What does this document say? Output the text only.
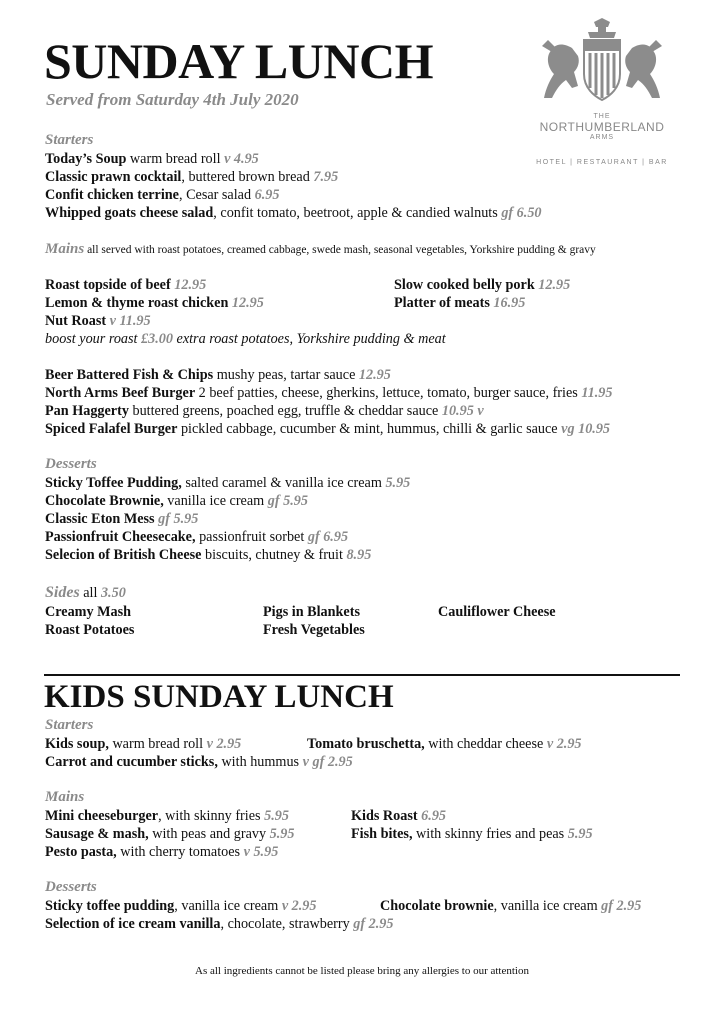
SUNDAY LUNCH
Served from Saturday 4th July 2020
THE
NORTHUMBERLAND
ARMS
HOTEL | RESTAURANT | BAR
Starters
Today’s Soup warm bread roll v 4.95
Classic prawn cocktail, buttered brown bread 7.95
Confit chicken terrine, Cesar salad 6.95
Whipped goats cheese salad, confit tomato, beetroot, apple & candied walnuts gf 6.50
Mains all served with roast potatoes, creamed cabbage, swede mash, seasonal vegetables, Yorkshire pudding & gravy
Roast topside of beef 12.95
Lemon & thyme roast chicken 12.95
Nut Roast v 11.95
Slow cooked belly pork 12.95
Platter of meats 16.95
boost your roast £3.00 extra roast potatoes, Yorkshire pudding & meat
Beer Battered Fish & Chips mushy peas, tartar sauce 12.95
North Arms Beef Burger 2 beef patties, cheese, gherkins, lettuce, tomato, burger sauce, fries 11.95
Pan Haggerty buttered greens, poached egg, truffle & cheddar sauce 10.95 v
Spiced Falafel Burger pickled cabbage, cucumber & mint, hummus, chilli & garlic sauce vg 10.95
Desserts
Sticky Toffee Pudding, salted caramel & vanilla ice cream 5.95
Chocolate Brownie, vanilla ice cream gf 5.95
Classic Eton Mess gf 5.95
Passionfruit Cheesecake, passionfruit sorbet gf 6.95
Selecion of British Cheese biscuits, chutney & fruit 8.95
Sides all 3.50
Creamy Mash
Roast Potatoes
Pigs in Blankets
Fresh Vegetables
Cauliflower Cheese
KIDS SUNDAY LUNCH
Starters
Kids soup, warm bread roll v 2.95	Tomato bruschetta, with cheddar cheese v 2.95
Carrot and cucumber sticks, with hummus v gf 2.95
Mains
Mini cheeseburger, with skinny fries 5.95
Sausage & mash, with peas and gravy 5.95
Pesto pasta, with cherry tomatoes v 5.95
Kids Roast 6.95
Fish bites, with skinny fries and peas 5.95
Desserts
Sticky toffee pudding, vanilla ice cream v 2.95	Chocolate brownie, vanilla ice cream gf 2.95
Selection of ice cream vanilla, chocolate, strawberry gf 2.95
As all ingredients cannot be listed please bring any allergies to our attention
